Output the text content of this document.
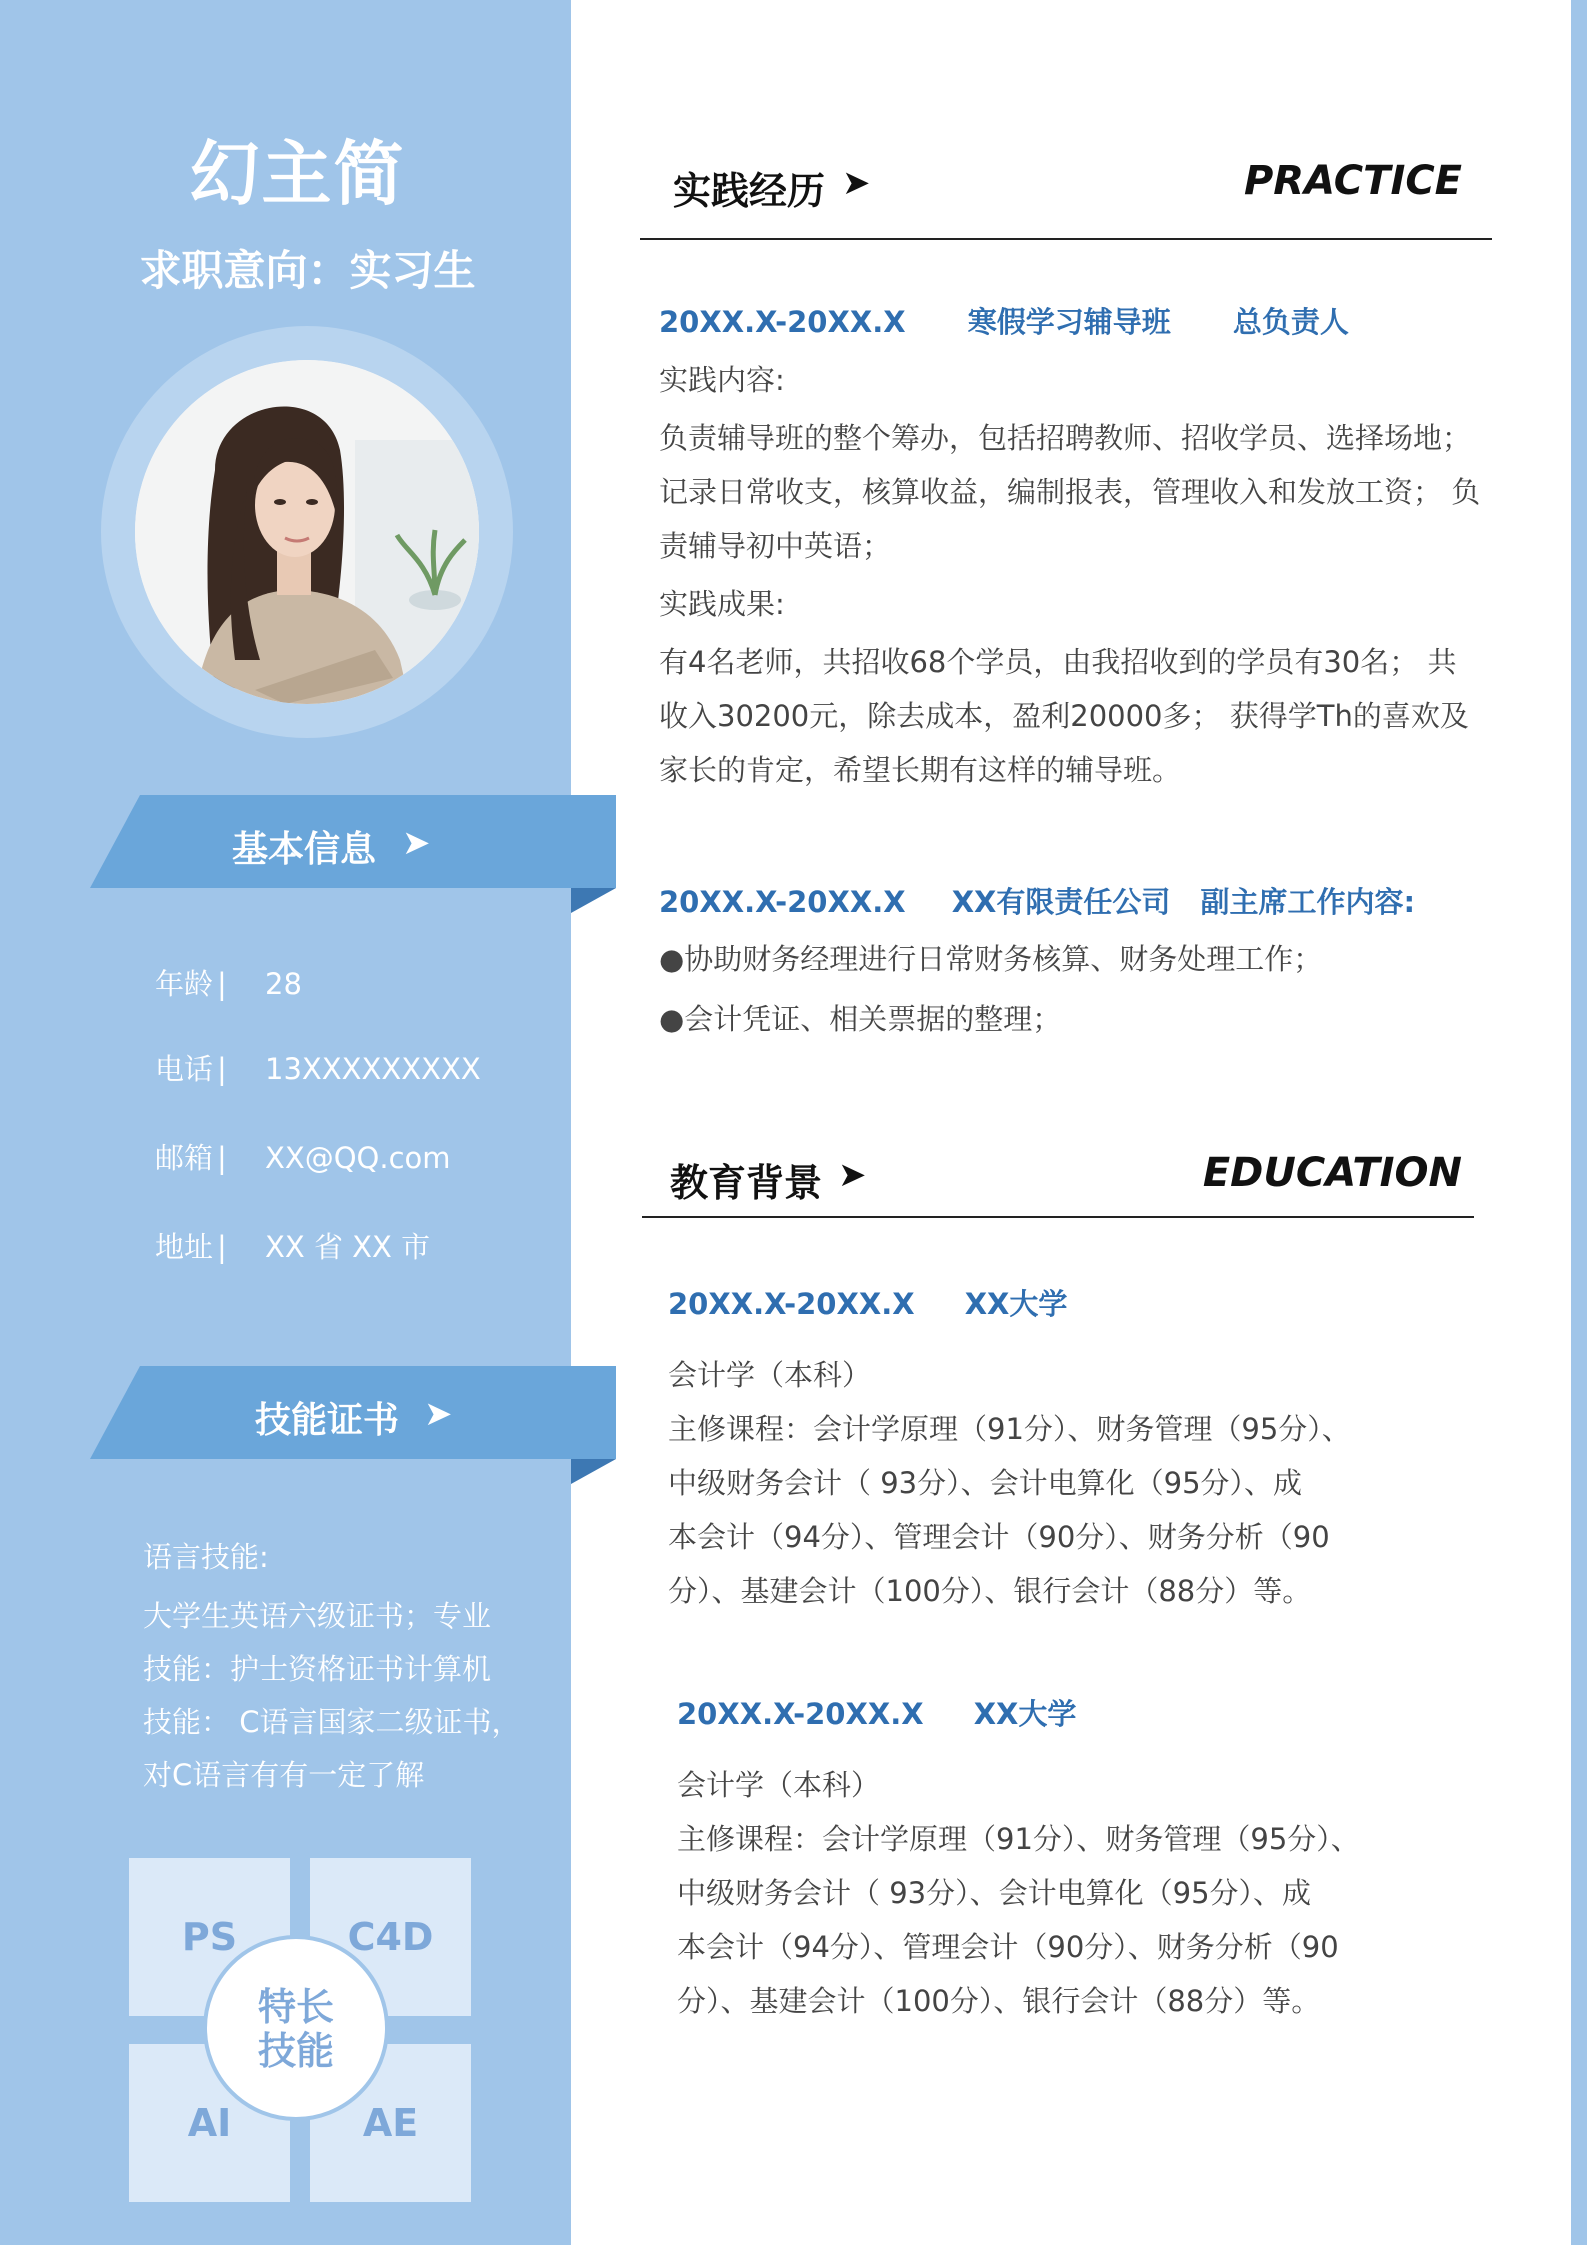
幻主简
求职意向：实习生
基本信息 ➤
年龄 | 28
电话 | 13XXXXXXXXX
邮箱 | XX@QQ.com
地址 | XX 省 XX 市
技能证书 ➤
语言技能:
大学生英语六级证书；专业
技能：护士资格证书计算机
技能： C语言国家二级证书，
对C语言有有一定了解
PS	C4D
AI	AE
特长
技能
实践经历 ➤	PRACTICE
20XX.X-20XX.X 寒假学习辅导班 总负责人

实践内容:

负责辅导班的整个筹办，包括招聘教师、招收学员、选择场地；

记录日常收支，核算收益，编制报表，管理收入和发放工资； 负

责辅导初中英语；

实践成果:

有4名老师，共招收68个学员，由我招收到的学员有30名； 共

收入30200元，除去成本，盈利20000多； 获得学Th的喜欢及

家长的肯定，希望长期有这样的辅导班。

20XX.X-20XX.X XX有限责任公司 副主席工作内容:

●协助财务经理进行日常财务核算、财务处理工作；

●会计凭证、相关票据的整理；

教育背景 ➤	EDUCATION
20XX.X-20XX.X XX大学

会计学（本科）

主修课程：会计学原理（91分）、财务管理（95分）、

中级财务会计（ 93分）、会计电算化（95分）、成

本会计（94分）、管理会计（90分）、财务分析（90

分）、基建会计（100分）、银行会计（88分）等。

20XX.X-20XX.X XX大学

会计学（本科）

主修课程：会计学原理（91分）、财务管理（95分）、

中级财务会计（ 93分）、会计电算化（95分）、成

本会计（94分）、管理会计（90分）、财务分析（90

分）、基建会计（100分）、银行会计（88分）等。
